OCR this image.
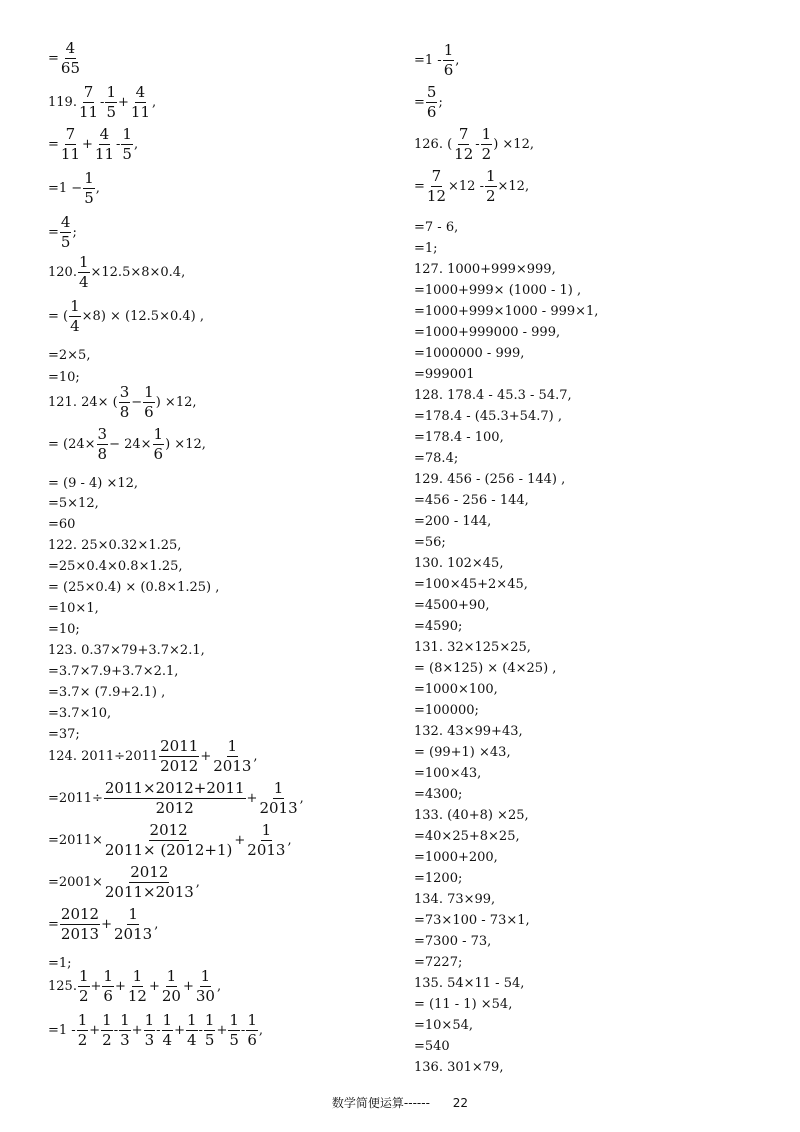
= $\frac{4}{65}$
119. $\frac{7}{11} - \frac{1}{5} + \frac{4}{11}$ ,
= $\frac{7}{11} + \frac{4}{11} - \frac{1}{5}$ ,
$=1 - \frac{1}{5}$ ,
= $\frac{4}{5}$ ;
120. $\frac{1}{4} \times 12.5\times 8\times 0.4$,
= ( $\frac{1}{4} \times 8) \times (12.5\times 0.4)$ ,
=2×5,
=10;
121. 24× ( $\frac{3}{8} - \frac{1}{6}$ ) ×12,
= ($24\times \frac{3}{8} - 24\times \frac{1}{6}$ ) ×12,
= (9 - 4) ×12,
=5×12,
=60
122. 25×0.32×1.25,
=25×0.4×0.8×1.25,
= (25×0.4) × (0.8×1.25) ,
=10×1,
=10;
123. 0.37×79+3.7×2.1,
=3.7×7.9+3.7×2.1,
=3.7× (7.9+2.1) ,
=3.7×10,
=37;
124. $2011\div 2011 \frac{2011}{2012} + \frac{1}{2013}$ ,
$=2011\div \frac{2011\times 2012+2011}{2012} + \frac{1}{2013}$ ,
$=2011\times \frac{2012}{2011\times (2012+1)} + \frac{1}{2013}$ ,
$=2001\times \frac{2012}{2011\times 2013}$ ,
= $\frac{2012}{2013} + \frac{1}{2013}$ ,
=1;
125. $\frac{1}{2} + \frac{1}{6} + \frac{1}{12} + \frac{1}{20} + \frac{1}{30}$ ,
$=1 - \frac{1}{2} + \frac{1}{2} - \frac{1}{3} + \frac{1}{3} - \frac{1}{4} + \frac{1}{4} - \frac{1}{5} + \frac{1}{5} - \frac{1}{6}$ ,
$=1 - \frac{1}{6}$ ,
= $\frac{5}{6}$ ;
126. ( $\frac{7}{12} - \frac{1}{2}$ ) ×12,
= $\frac{7}{12} \times 12 - \frac{1}{2} \times 12$,
=7 - 6,
=1;
127. 1000+999×999,
=1000+999× (1000 - 1) ,
=1000+999×1000 - 999×1,
=1000+999000 - 999,
=1000000 - 999,
=999001
128. 178.4 - 45.3 - 54.7,
=178.4 - (45.3+54.7) ,
=178.4 - 100,
=78.4;
129. 456 - (256 - 144) ,
=456 - 256 - 144,
=200 - 144,
=56;
130. 102×45,
=100×45+2×45,
=4500+90,
=4590;
131. 32×125×25,
= (8×125) × (4×25) ,
=1000×100,
=100000;
132. 43×99+43,
= (99+1) ×43,
=100×43,
=4300;
133. (40+8) ×25,
=40×25+8×25,
=1000+200,
=1200;
134. 73×99,
=73×100 - 73×1,
=7300 - 73,
=7227;
135. 54×11 - 54,
= (11 - 1) ×54,
=10×54,
=540
136. 301×79,
数学简便运算------ 22
